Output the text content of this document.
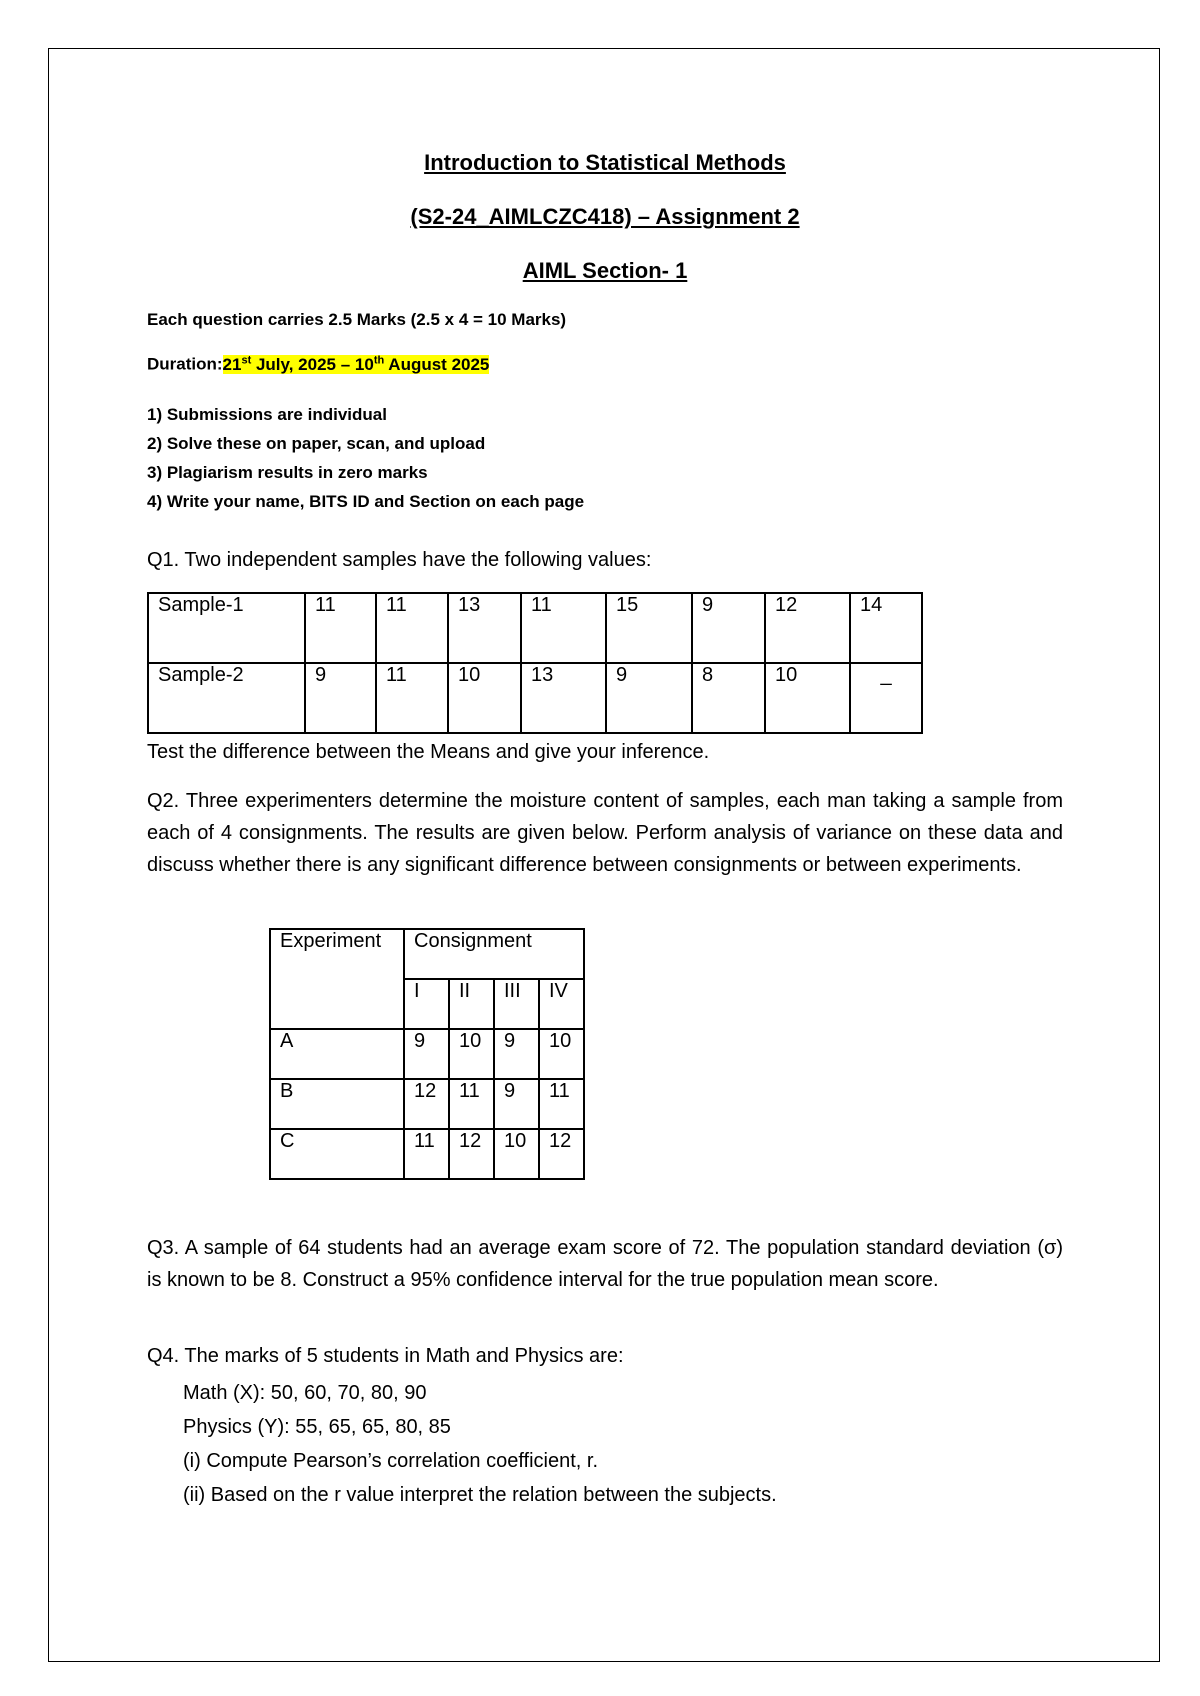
Introduction to Statistical Methods

(S2-24_AIMLCZC418) – Assignment 2

AIML Section- 1

Each question carries 2.5 Marks (2.5 x 4 = 10 Marks)

Duration:21st July, 2025 – 10th August 2025

1) Submissions are individual
2) Solve these on paper, scan, and upload
3) Plagiarism results in zero marks
4) Write your name, BITS ID and Section on each page

Q1. Two independent samples have the following values:

Sample-1	11	11	13	11	15	9	12	14
Sample-2	9	11	10	13	9	8	10	_

Test the difference between the Means and give your inference.

Q2. Three experimenters determine the moisture content of samples, each man taking a sample from each of 4 consignments. The results are given below. Perform analysis of variance on these data and discuss whether there is any significant difference between consignments or between experiments.

Experiment	Consignment			
	I	II	III	IV
A	9	10	9	10
B	12	11	9	11
C	11	12	10	12

Q3. A sample of 64 students had an average exam score of 72. The population standard deviation (σ) is known to be 8. Construct a 95% confidence interval for the true population mean score.

Q4. The marks of 5 students in Math and Physics are:

Math (X): 50, 60, 70, 80, 90
Physics (Y): 55, 65, 65, 80, 85
(i) Compute Pearson’s correlation coefficient, r.
(ii) Based on the r value interpret the relation between the subjects.
